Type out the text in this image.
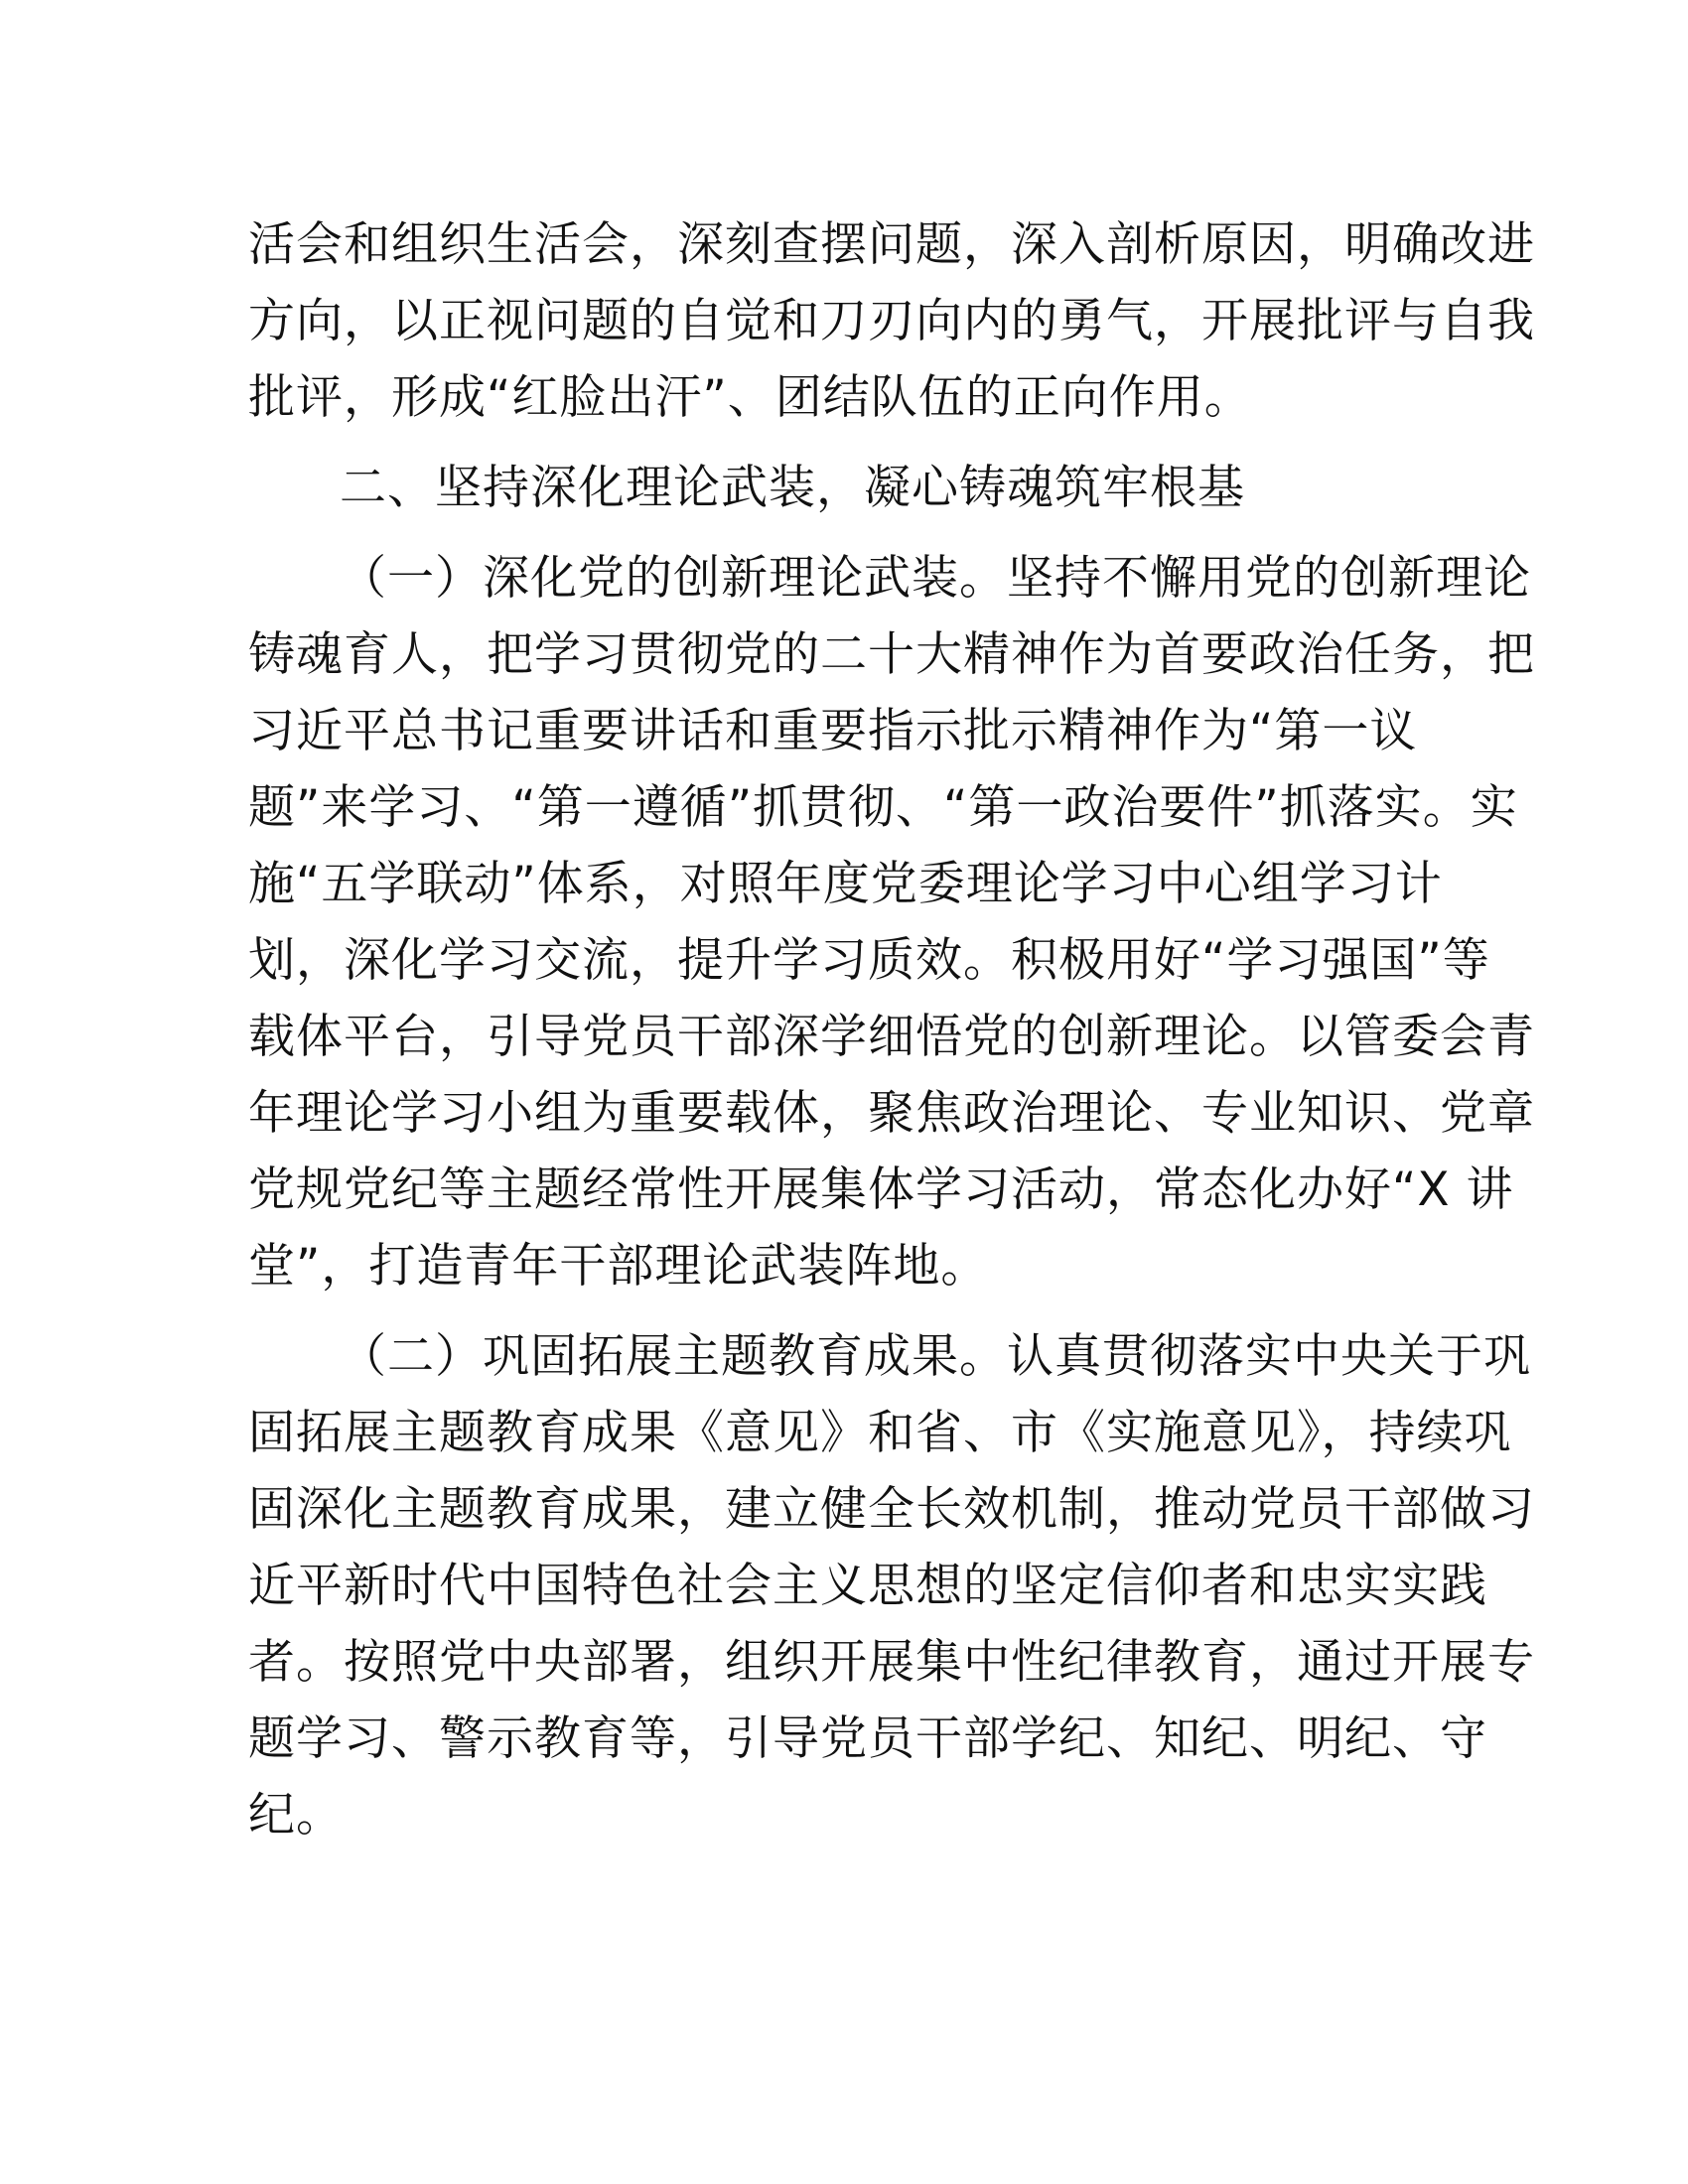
活会和组织生活会，深刻查摆问题，深入剖析原因，明确改进
方向，以正视问题的自觉和刀刃向内的勇气，开展批评与自我
批评，形成“红脸出汗”、团结队伍的正向作用。
二、坚持深化理论武装，凝心铸魂筑牢根基
（一）深化党的创新理论武装。坚持不懈用党的创新理论
铸魂育人，把学习贯彻党的二十大精神作为首要政治任务，把
习近平总书记重要讲话和重要指示批示精神作为“第一议
题”来学习、“第一遵循”抓贯彻、“第一政治要件”抓落实。实
施“五学联动”体系，对照年度党委理论学习中心组学习计
划，深化学习交流，提升学习质效。积极用好“学习强国”等
载体平台，引导党员干部深学细悟党的创新理论。以管委会青
年理论学习小组为重要载体，聚焦政治理论、专业知识、党章
党规党纪等主题经常性开展集体学习活动，常态化办好“X 讲
堂”，打造青年干部理论武装阵地。
（二）巩固拓展主题教育成果。认真贯彻落实中央关于巩
固拓展主题教育成果《意见》和省、市《实施意见》，持续巩
固深化主题教育成果，建立健全长效机制，推动党员干部做习
近平新时代中国特色社会主义思想的坚定信仰者和忠实实践
者。按照党中央部署，组织开展集中性纪律教育，通过开展专
题学习、警示教育等，引导党员干部学纪、知纪、明纪、守
纪。
